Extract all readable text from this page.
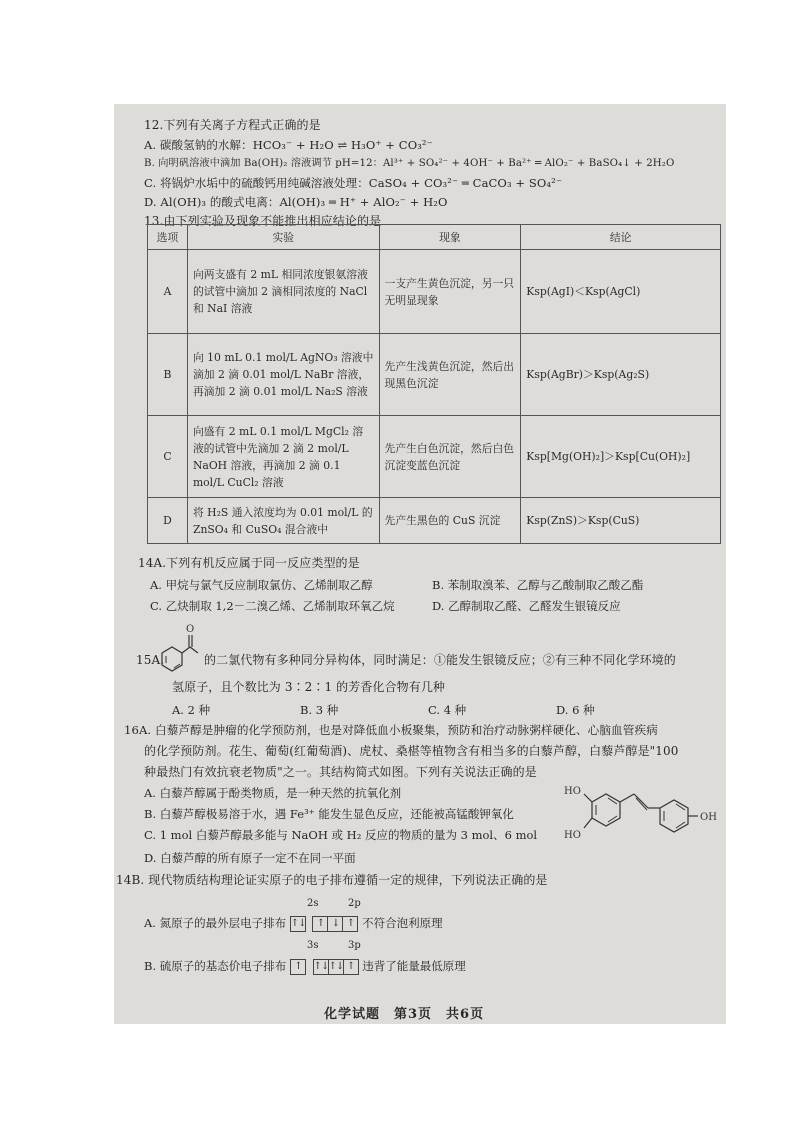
12.下列有关离子方程式正确的是
A. 碳酸氢钠的水解：HCO₃⁻ + H₂O ⇌ H₃O⁺ + CO₃²⁻
B. 向明矾溶液中滴加 Ba(OH)₂ 溶液调节 pH=12：Al³⁺ + SO₄²⁻ + 4OH⁻ + Ba²⁺ ═ AlO₂⁻ + BaSO₄↓ + 2H₂O
C. 将锅炉水垢中的硫酸钙用纯碱溶液处理：CaSO₄ + CO₃²⁻ ═ CaCO₃ + SO₄²⁻
D. Al(OH)₃ 的酸式电离：Al(OH)₃ ═ H⁺ + AlO₂⁻ + H₂O
13.由下列实验及现象不能推出相应结论的是
选项	实验	现象	结论
A	向两支盛有 2 mL 相同浓度银氨溶液的试管中滴加 2 滴相同浓度的 NaCl 和 NaI 溶液	一支产生黄色沉淀，另一只无明显现象	Ksp(AgI)＜Ksp(AgCl)
B	向 10 mL 0.1 mol/L AgNO₃ 溶液中滴加 2 滴 0.01 mol/L NaBr 溶液，再滴加 2 滴 0.01 mol/L Na₂S 溶液	先产生浅黄色沉淀，然后出现黑色沉淀	Ksp(AgBr)＞Ksp(Ag₂S)
C	向盛有 2 mL 0.1 mol/L MgCl₂ 溶液的试管中先滴加 2 滴 2 mol/L NaOH 溶液，再滴加 2 滴 0.1 mol/L CuCl₂ 溶液	先产生白色沉淀，然后白色沉淀变蓝色沉淀	Ksp[Mg(OH)₂]＞Ksp[Cu(OH)₂]
D	将 H₂S 通入浓度均为 0.01 mol/L 的 ZnSO₄ 和 CuSO₄ 混合液中	先产生黑色的 CuS 沉淀	Ksp(ZnS)＞Ksp(CuS)
14A.下列有机反应属于同一反应类型的是
A. 甲烷与氯气反应制取氯仿、乙烯制取乙醇	B. 苯制取溴苯、乙醇与乙酸制取乙酸乙酯
C. 乙炔制取 1,2－二溴乙烯、乙烯制取环氧乙烷	D. 乙醇制取乙醛、乙醛发生银镜反应
15A.
O
的二氯代物有多种同分异构体，同时满足：①能发生银镜反应；②有三种不同化学环境的
氢原子，且个数比为 3∶2∶1 的芳香化合物有几种
A. 2 种	B. 3 种	C. 4 种	D. 6 种
16A. 白藜芦醇是肿瘤的化学预防剂，也是对降低血小板聚集，预防和治疗动脉粥样硬化、心脑血管疾病
的化学预防剂。花生、葡萄(红葡萄酒)、虎杖、桑椹等植物含有相当多的白藜芦醇，白藜芦醇是"100
种最热门有效抗衰老物质"之一。其结构简式如图。下列有关说法正确的是
A. 白藜芦醇属于酚类物质，是一种天然的抗氧化剂
B. 白藜芦醇极易溶于水，遇 Fe³⁺ 能发生显色反应，还能被高锰酸钾氧化
C. 1 mol 白藜芦醇最多能与 NaOH 或 H₂ 反应的物质的量为 3 mol、6 mol
D. 白藜芦醇的所有原子一定不在同一平面
HO
HO
OH
14B. 现代物质结构理论证实原子的电子排布遵循一定的规律，下列说法正确的是
2s	2p
A. 氮原子的最外层电子排布 ↑↓ ↑ ↓ ↑ 不符合泡利原理
3s	3p
B. 硫原子的基态价电子排布 ↑ ↑↓↑↓ ↑ 违背了能量最低原理
化学试题　第3页　共6页
